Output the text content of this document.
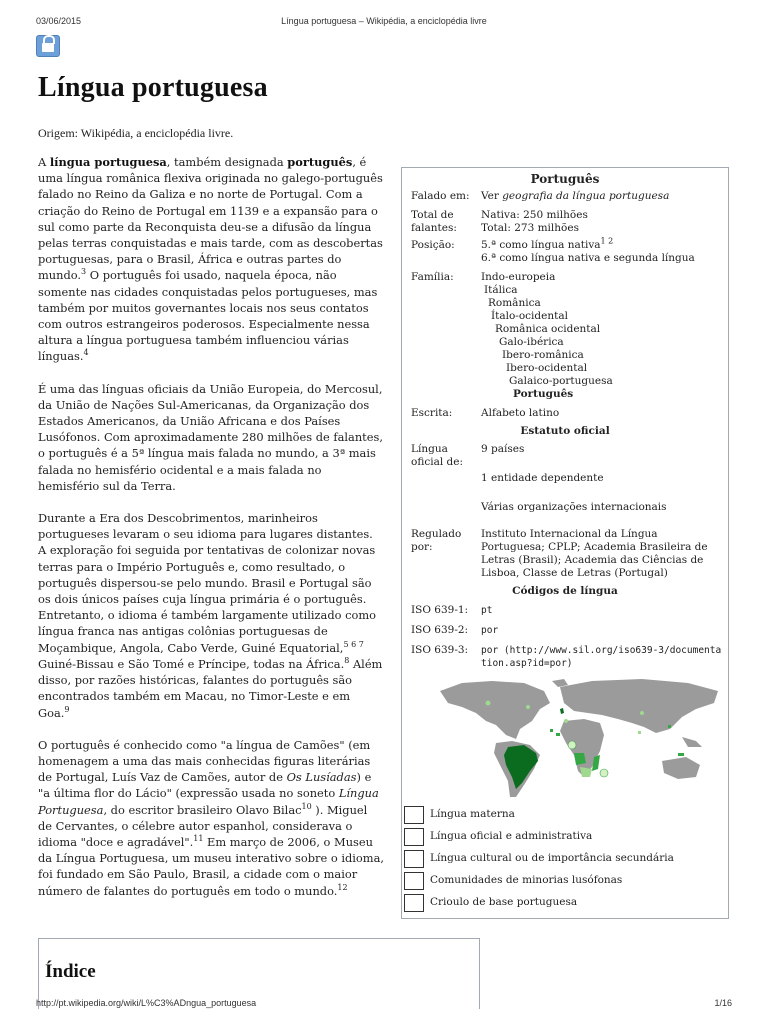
03/06/2015	Língua portuguesa – Wikipédia, a enciclopédia livre
Língua portuguesa
Origem: Wikipédia, a enciclopédia livre.

A língua portuguesa, também designada português, é uma língua românica flexiva originada no galego-português falado no Reino da Galiza e no norte de Portugal. Com a criação do Reino de Portugal em 1139 e a expansão para o sul como parte da Reconquista deu-se a difusão da língua pelas terras conquistadas e mais tarde, com as descobertas portuguesas, para o Brasil, África e outras partes do mundo.$^3$ O português foi usado, naquela época, não somente nas cidades conquistadas pelos portugueses, mas também por muitos governantes locais nos seus contatos com outros estrangeiros poderosos. Especialmente nessa altura a língua portuguesa também influenciou várias línguas.$^4$

É uma das línguas oficiais da União Europeia, do Mercosul, da União de Nações Sul-Americanas, da Organização dos Estados Americanos, da União Africana e dos Países Lusófonos. Com aproximadamente 280 milhões de falantes, o português é a 5ª língua mais falada no mundo, a 3ª mais falada no hemisfério ocidental e a mais falada no hemisfério sul da Terra.

Durante a Era dos Descobrimentos, marinheiros portugueses levaram o seu idioma para lugares distantes. A exploração foi seguida por tentativas de colonizar novas terras para o Império Português e, como resultado, o português dispersou-se pelo mundo. Brasil e Portugal são os dois únicos países cuja língua primária é o português. Entretanto, o idioma é também largamente utilizado como língua franca nas antigas colônias portuguesas de Moçambique, Angola, Cabo Verde, Guiné Equatorial,$^{5 6 7}$ Guiné-Bissau e São Tomé e Príncipe, todas na África.$^8$ Além disso, por razões históricas, falantes do português são encontrados também em Macau, no Timor-Leste e em Goa.$^9$

O português é conhecido como "a língua de Camões" (em homenagem a uma das mais conhecidas figuras literárias de Portugal, Luís Vaz de Camões, autor de Os Lusíadas) e "a última flor do Lácio" (expressão usada no soneto Língua Portuguesa, do escritor brasileiro Olavo Bilac$^{10}$ ). Miguel de Cervantes, o célebre autor espanhol, considerava o idioma "doce e agradável".$^{11}$ Em março de 2006, o Museu da Língua Portuguesa, um museu interativo sobre o idioma, foi fundado em São Paulo, Brasil, a cidade com o maior número de falantes do português em todo o mundo.$^{12}$

Português
Falado em:	Ver geografia da língua portuguesa
Total de falantes:
Nativa: 250 milhões
Total: 273 milhões
Posição:	5.ª como língua nativa$^{1 2}$
6.ª como língua nativa e segunda língua
Família:	Indo-europeia
Itálica
Românica
Ítalo-ocidental
Românica ocidental
Galo-ibérica
Ibero-românica
Ibero-ocidental
Galaico-portuguesa
Português
Escrita:	Alfabeto latino
Estatuto oficial
Língua oficial de:
9 países
1 entidade dependente
Várias organizações internacionais
Regulado por:
Instituto Internacional da Língua Portuguesa; CPLP; Academia Brasileira de Letras (Brasil); Academia das Ciências de Lisboa, Classe de Letras (Portugal)
Códigos de língua
ISO 639-1:	pt
ISO 639-2:	por
ISO 639-3:	por (http://www.sil.org/iso639-3/documentation.asp?id=por)
Língua materna
Língua oficial e administrativa
Língua cultural ou de importância secundária
Comunidades de minorias lusófonas
Crioulo de base portuguesa
Índice
http://pt.wikipedia.org/wiki/L%C3%ADngua_portuguesa	1/16
